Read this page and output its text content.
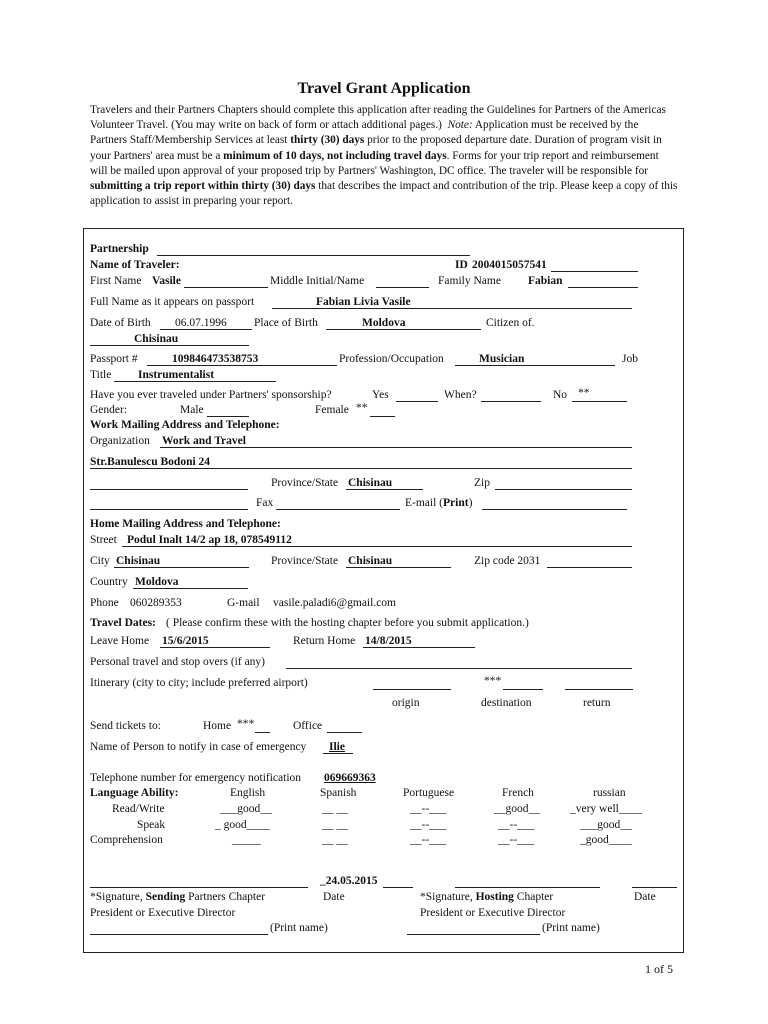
Travel Grant Application
Travelers and their Partners Chapters should complete this application after reading the Guidelines for Partners of the Americas Volunteer Travel. (You may write on back of form or attach additional pages.) Note: Application must be received by the Partners Staff/Membership Services at least thirty (30) days prior to the proposed departure date. Duration of program visit in your Partners' area must be a minimum of 10 days, not including travel days. Forms for your trip report and reimbursement will be mailed upon approval of your proposed trip by Partners' Washington, DC office. The traveler will be responsible for submitting a trip report within thirty (30) days that describes the impact and contribution of the trip. Please keep a copy of this application to assist in preparing your report.
Partnership
Name of Traveler:	ID 2004015057541
First Name Vasile	Middle Initial/Name	Family Name Fabian
Full Name as it appears on passport	Fabian Livia Vasile
Date of Birth 06.07.1996 Place of Birth	Moldova	Citizen of.
Chisinau
Passport #	109846473538753	Profession/Occupation	Musician	Job
Title Instrumentalist
Have you ever traveled under Partners' sponsorship?	Yes	When?	No **
Gender:	Male	Female **
Work Mailing Address and Telephone:
Organization Work and Travel
Str.Banulescu Bodoni 24
Province/State Chisinau	Zip
Fax	E-mail (Print)
Home Mailing Address and Telephone:
Street Podul Inalt 14/2 ap 18, 078549112
City Chisinau	Province/State Chisinau	Zip code 2031
Country Moldova
Phone 060289353	G-mail vasile.paladi6@gmail.com
Travel Dates: ( Please confirm these with the hosting chapter before you submit application.)
Leave Home 15/6/2015	Return Home 14/8/2015
Personal travel and stop overs (if any)
Itinerary (city to city; include preferred airport)	***
origin	destination	return
Send tickets to:	Home ***	Office
Name of Person to notify in case of emergency Ilie
Telephone number for emergency notification 069669363
Language Ability:	English	Spanish	Portuguese	French	russian
Read/Write	___good__	__ __	__--___	__good__	_very well____
Speak	_ good____	__ __	__--___	__--___	___good__
Comprehension	_____	__ __	__--___	__--___	_good____
_24.05.2015
*Signature, Sending Partners Chapter	Date	*Signature, Hosting Chapter	Date
President or Executive Director	President or Executive Director
(Print name)	(Print name)
1 of 5
